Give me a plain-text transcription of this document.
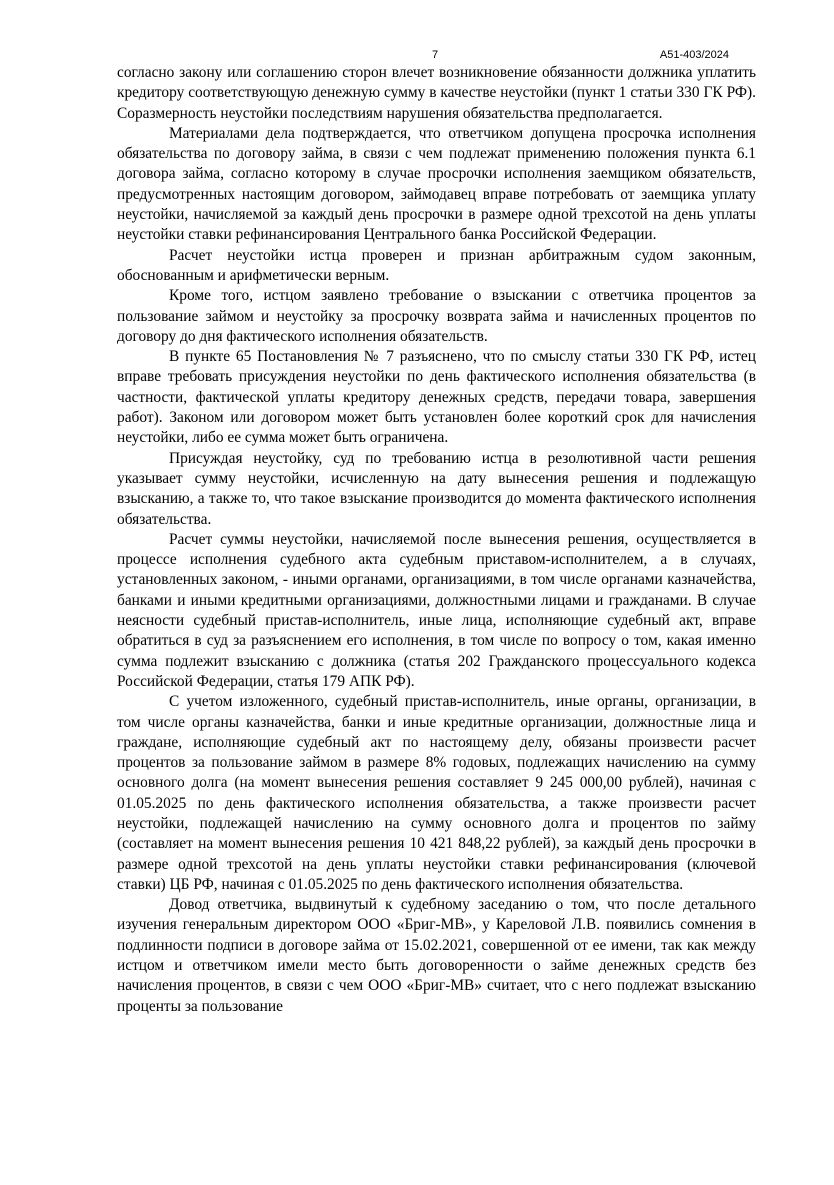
7	А51-403/2024

согласно закону или соглашению сторон влечет возникновение обязанности должника уплатить кредитору соответствующую денежную сумму в качестве неустойки (пункт 1 статьи 330 ГК РФ). Соразмерность неустойки последствиям нарушения обязательства предполагается.

Материалами дела подтверждается, что ответчиком допущена просрочка исполнения обязательства по договору займа, в связи с чем подлежат применению положения пункта 6.1 договора займа, согласно которому в случае просрочки исполнения заемщиком обязательств, предусмотренных настоящим договором, займодавец вправе потребовать от заемщика уплату неустойки, начисляемой за каждый день просрочки в размере одной трехсотой на день уплаты неустойки ставки рефинансирования Центрального банка Российской Федерации.

Расчет неустойки истца проверен и признан арбитражным судом законным, обоснованным и арифметически верным.

Кроме того, истцом заявлено требование о взыскании с ответчика процентов за пользование займом и неустойку за просрочку возврата займа и начисленных процентов по договору до дня фактического исполнения обязательств.

В пункте 65 Постановления № 7 разъяснено, что по смыслу статьи 330 ГК РФ, истец вправе требовать присуждения неустойки по день фактического исполнения обязательства (в частности, фактической уплаты кредитору денежных средств, передачи товара, завершения работ). Законом или договором может быть установлен более короткий срок для начисления неустойки, либо ее сумма может быть ограничена.

Присуждая неустойку, суд по требованию истца в резолютивной части решения указывает сумму неустойки, исчисленную на дату вынесения решения и подлежащую взысканию, а также то, что такое взыскание производится до момента фактического исполнения обязательства.

Расчет суммы неустойки, начисляемой после вынесения решения, осуществляется в процессе исполнения судебного акта судебным приставом-исполнителем, а в случаях, установленных законом, - иными органами, организациями, в том числе органами казначейства, банками и иными кредитными организациями, должностными лицами и гражданами. В случае неясности судебный пристав-исполнитель, иные лица, исполняющие судебный акт, вправе обратиться в суд за разъяснением его исполнения, в том числе по вопросу о том, какая именно сумма подлежит взысканию с должника (статья 202 Гражданского процессуального кодекса Российской Федерации, статья 179 АПК РФ).

С учетом изложенного, судебный пристав-исполнитель, иные органы, организации, в том числе органы казначейства, банки и иные кредитные организации, должностные лица и граждане, исполняющие судебный акт по настоящему делу, обязаны произвести расчет процентов за пользование займом в размере 8% годовых, подлежащих начислению на сумму основного долга (на момент вынесения решения составляет 9 245 000,00 рублей), начиная с 01.05.2025 по день фактического исполнения обязательства, а также произвести расчет неустойки, подлежащей начислению на сумму основного долга и процентов по займу (составляет на момент вынесения решения 10 421 848,22 рублей), за каждый день просрочки в размере одной трехсотой на день уплаты неустойки ставки рефинансирования (ключевой ставки) ЦБ РФ, начиная с 01.05.2025 по день фактического исполнения обязательства.

Довод ответчика, выдвинутый к судебному заседанию о том, что после детального изучения генеральным директором ООО «Бриг-МВ», у Кареловой Л.В. появились сомнения в подлинности подписи в договоре займа от 15.02.2021, совершенной от ее имени, так как между истцом и ответчиком имели место быть договоренности о займе денежных средств без начисления процентов, в связи с чем ООО «Бриг-МВ» считает, что с него подлежат взысканию проценты за пользование
